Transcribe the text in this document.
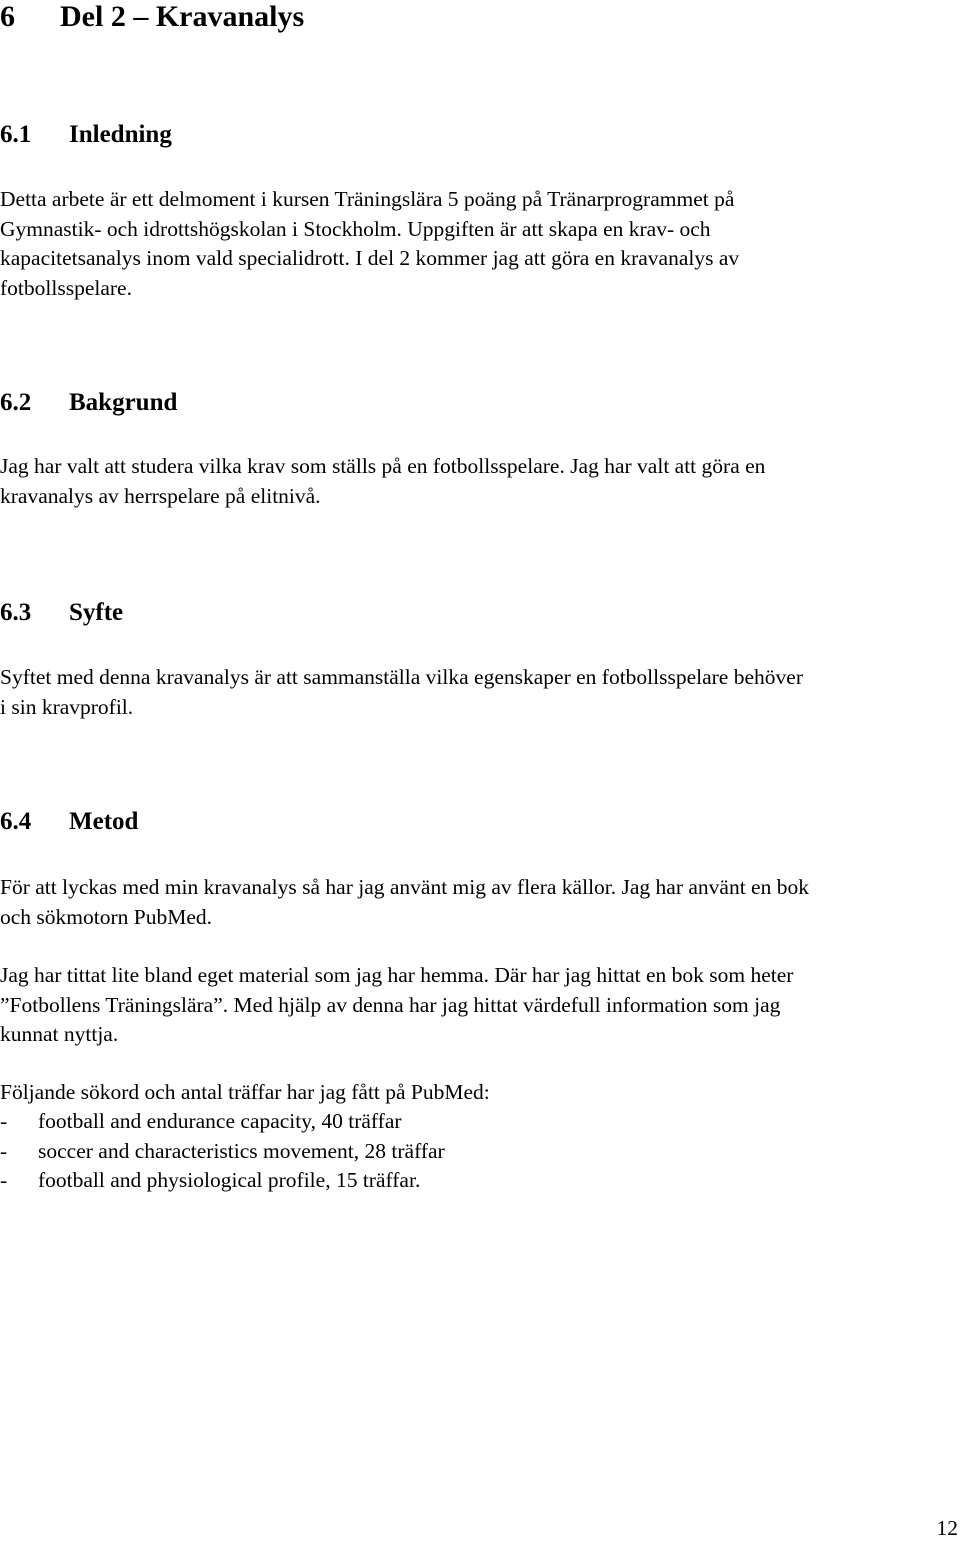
6 Del 2 – Kravanalys
6.1 Inledning
Detta arbete är ett delmoment i kursen Träningslära 5 poäng på Tränarprogrammet på
Gymnastik- och idrottshögskolan i Stockholm. Uppgiften är att skapa en krav- och
kapacitetsanalys inom vald specialidrott. I del 2 kommer jag att göra en kravanalys av
fotbollsspelare.
6.2 Bakgrund
Jag har valt att studera vilka krav som ställs på en fotbollsspelare. Jag har valt att göra en
kravanalys av herrspelare på elitnivå.
6.3 Syfte
Syftet med denna kravanalys är att sammanställa vilka egenskaper en fotbollsspelare behöver
i sin kravprofil.
6.4 Metod
För att lyckas med min kravanalys så har jag använt mig av flera källor. Jag har använt en bok
och sökmotorn PubMed.
Jag har tittat lite bland eget material som jag har hemma. Där har jag hittat en bok som heter
”Fotbollens Träningslära”. Med hjälp av denna har jag hittat värdefull information som jag
kunnat nyttja.
Följande sökord och antal träffar har jag fått på PubMed:
- football and endurance capacity, 40 träffar
- soccer and characteristics movement, 28 träffar
- football and physiological profile, 15 träffar.
12
